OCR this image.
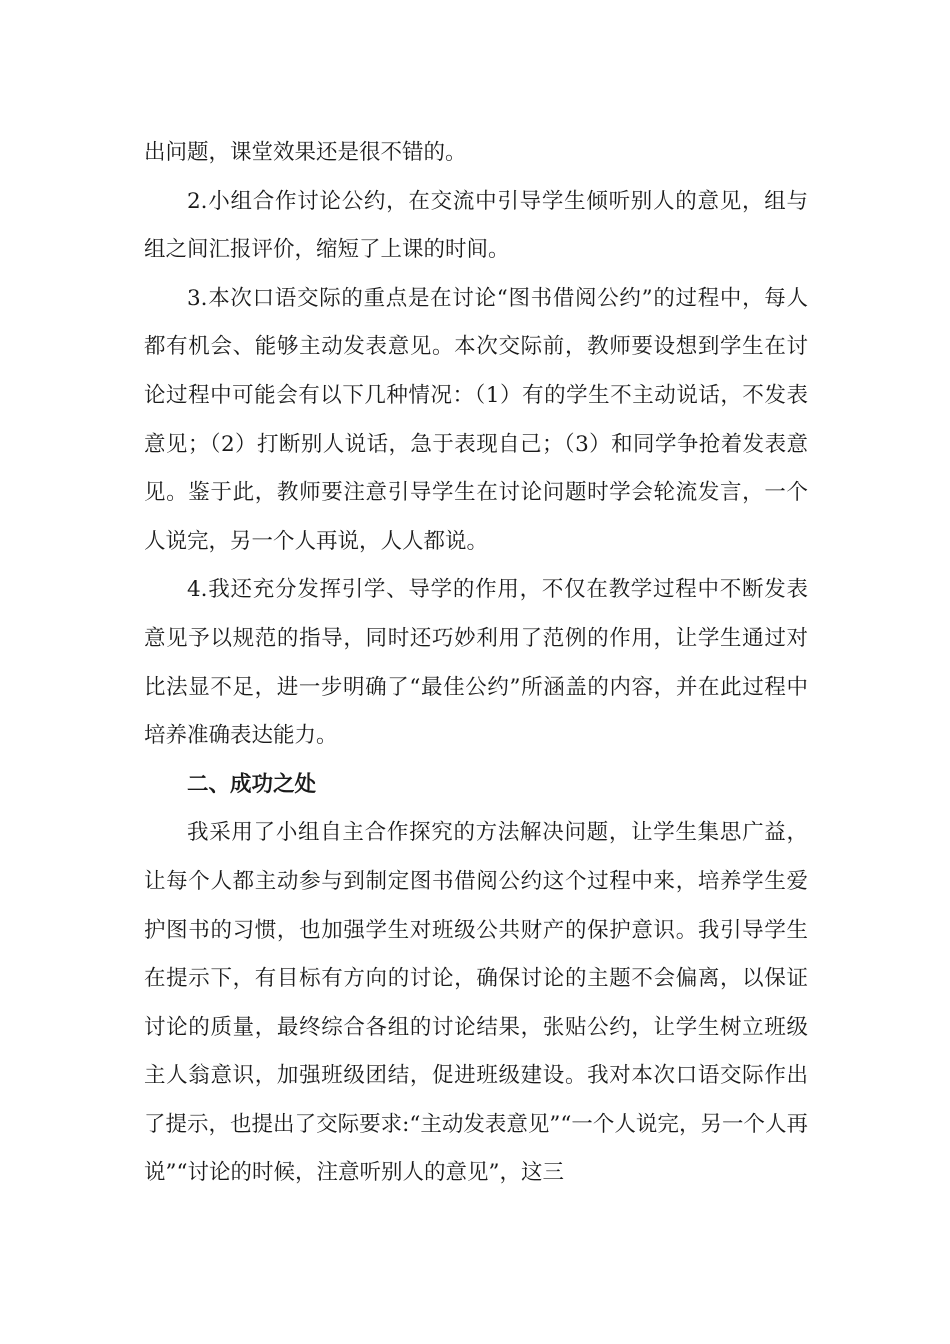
出问题，课堂效果还是很不错的。

2.小组合作讨论公约，在交流中引导学生倾听别人的意见，组与组之间汇报评价，缩短了上课的时间。

3.本次口语交际的重点是在讨论“图书借阅公约”的过程中，每人都有机会、能够主动发表意见。本次交际前，教师要设想到学生在讨论过程中可能会有以下几种情况：（1）有的学生不主动说话，不发表意见；（2）打断别人说话，急于表现自己；（3）和同学争抢着发表意见。鉴于此，教师要注意引导学生在讨论问题时学会轮流发言，一个人说完，另一个人再说，人人都说。

4.我还充分发挥引学、导学的作用，不仅在教学过程中不断发表意见予以规范的指导，同时还巧妙利用了范例的作用，让学生通过对比法显不足，进一步明确了“最佳公约”所涵盖的内容，并在此过程中培养准确表达能力。

二、成功之处

我采用了小组自主合作探究的方法解决问题，让学生集思广益，让每个人都主动参与到制定图书借阅公约这个过程中来，培养学生爱护图书的习惯，也加强学生对班级公共财产的保护意识。我引导学生在提示下，有目标有方向的讨论，确保讨论的主题不会偏离，以保证讨论的质量，最终综合各组的讨论结果，张贴公约，让学生树立班级主人翁意识，加强班级团结，促进班级建设。我对本次口语交际作出了提示，也提出了交际要求:“主动发表意见”“一个人说完，另一个人再说”“讨论的时候，注意听别人的意见”，这三
